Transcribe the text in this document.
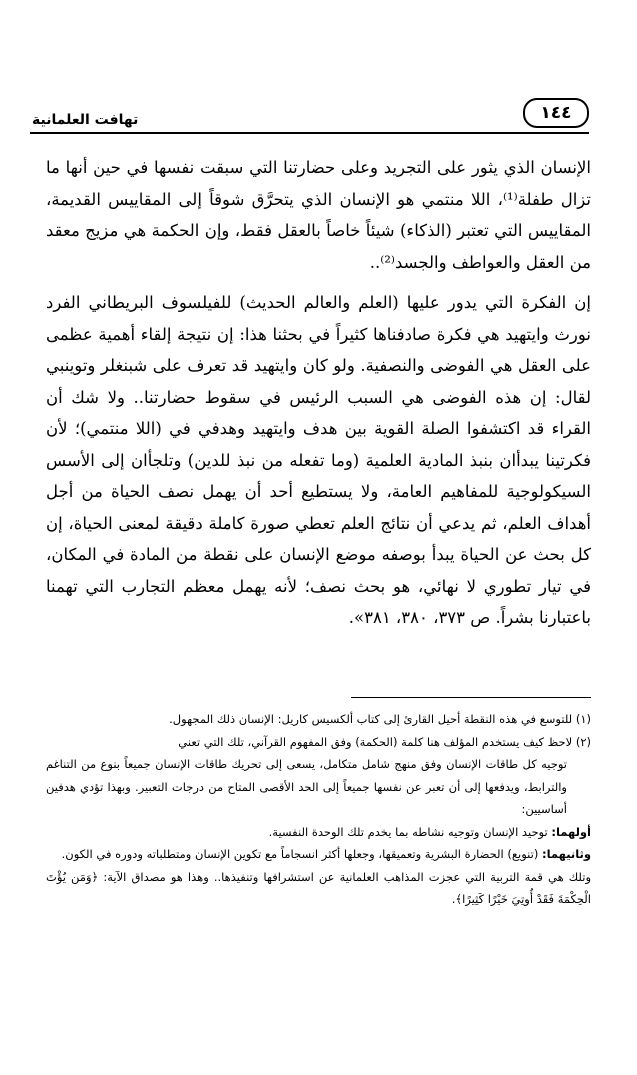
تهافت العلمانية	١٤٤

الإنسان الذي يثور على التجريد وعلى حضارتنا التي سبقت نفسها في حين أنها ما تزال طفلة⁽¹⁾، اللا منتمي هو الإنسان الذي يتحرَّق شوقاً إلى المقاييس القديمة، المقاييس التي تعتبر (الذكاء) شيئاً خاصاً بالعقل فقط، وإن الحكمة هي مزيج معقد من العقل والعواطف والجسد⁽²⁾..

إن الفكرة التي يدور عليها (العلم والعالم الحديث) للفيلسوف البريطاني الفرد نورث وايتهيد هي فكرة صادفناها كثيراً في بحثنا هذا: إن نتيجة إلقاء أهمية عظمى على العقل هي الفوضى والنصفية. ولو كان وايتهيد قد تعرف على شبنغلر وتوينبي لقال: إن هذه الفوضى هي السبب الرئيس في سقوط حضارتنا.. ولا شك أن القراء قد اكتشفوا الصلة القوية بين هدف وايتهيد وهدفي في (اللا منتمي)؛ لأن فكرتينا يبدأان بنبذ المادية العلمية (وما تفعله من نبذ للدين) وتلجأان إلى الأسس السيكولوجية للمفاهيم العامة، ولا يستطيع أحد أن يهمل نصف الحياة من أجل أهداف العلم، ثم يدعي أن نتائج العلم تعطي صورة كاملة دقيقة لمعنى الحياة، إن كل بحث عن الحياة يبدأ بوصفه موضع الإنسان على نقطة من المادة في المكان، في تيار تطوري لا نهائي، هو بحث نصف؛ لأنه يهمل معظم التجارب التي تهمنا باعتبارنا بشراً. ص ٣٧٣، ٣٨٠، ٣٨١».

(١) للتوسع في هذه النقطة أحيل القارئ إلى كتاب ألكسيس كاريل: الإنسان ذلك المجهول.

(٢) لاحظ كيف يستخدم المؤلف هنا كلمة (الحكمة) وفق المفهوم القرآني، تلك التي تعني

توجيه كل طاقات الإنسان وفق منهج شامل متكامل، يسعى إلى تحريك طاقات الإنسان جميعاً بنوع من التناغم والترابط، ويدفعها إلى أن تعبر عن نفسها جميعاً إلى الحد الأقصى المتاح من درجات التعبير. وبهذا تؤدي هدفين أساسيين:

أولهما: توحيد الإنسان وتوجيه نشاطه بما يخدم تلك الوحدة النفسية.

وثانيهما: (تنويع) الحضارة البشرية وتعميقها، وجعلها أكثر انسجاماً مع تكوين الإنسان ومتطلباته ودوره في الكون.

وتلك هي قمة التربية التي عجزت المذاهب العلمانية عن استشرافها وتنفيذها.. وهذا هو مصداق الآية: ﴿وَمَن يُؤْتَ الْحِكْمَةَ فَقَدْ أُوتِيَ خَيْرًا كَثِيرًا﴾.
